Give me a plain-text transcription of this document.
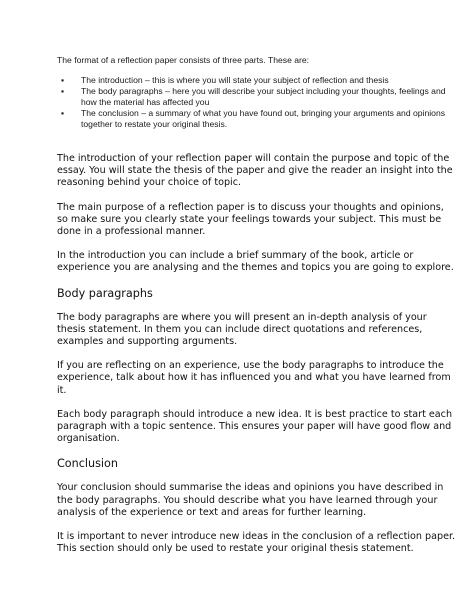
The format of a reflection paper consists of three parts. These are:

▪ The introduction – this is where you will state your subject of reflection and thesis
▪ The body paragraphs – here you will describe your subject including your thoughts, feelings and how the material has affected you
▪ The conclusion – a summary of what you have found out, bringing your arguments and opinions together to restate your original thesis.

The introduction of your reflection paper will contain the purpose and topic of the essay. You will state the thesis of the paper and give the reader an insight into the reasoning behind your choice of topic.

The main purpose of a reflection paper is to discuss your thoughts and opinions, so make sure you clearly state your feelings towards your subject. This must be done in a professional manner.

In the introduction you can include a brief summary of the book, article or experience you are analysing and the themes and topics you are going to explore.

Body paragraphs

The body paragraphs are where you will present an in-depth analysis of your thesis statement. In them you can include direct quotations and references, examples and supporting arguments.

If you are reflecting on an experience, use the body paragraphs to introduce the experience, talk about how it has influenced you and what you have learned from it.

Each body paragraph should introduce a new idea. It is best practice to start each paragraph with a topic sentence. This ensures your paper will have good flow and organisation.

Conclusion

Your conclusion should summarise the ideas and opinions you have described in the body paragraphs. You should describe what you have learned through your analysis of the experience or text and areas for further learning.

It is important to never introduce new ideas in the conclusion of a reflection paper. This section should only be used to restate your original thesis statement.
